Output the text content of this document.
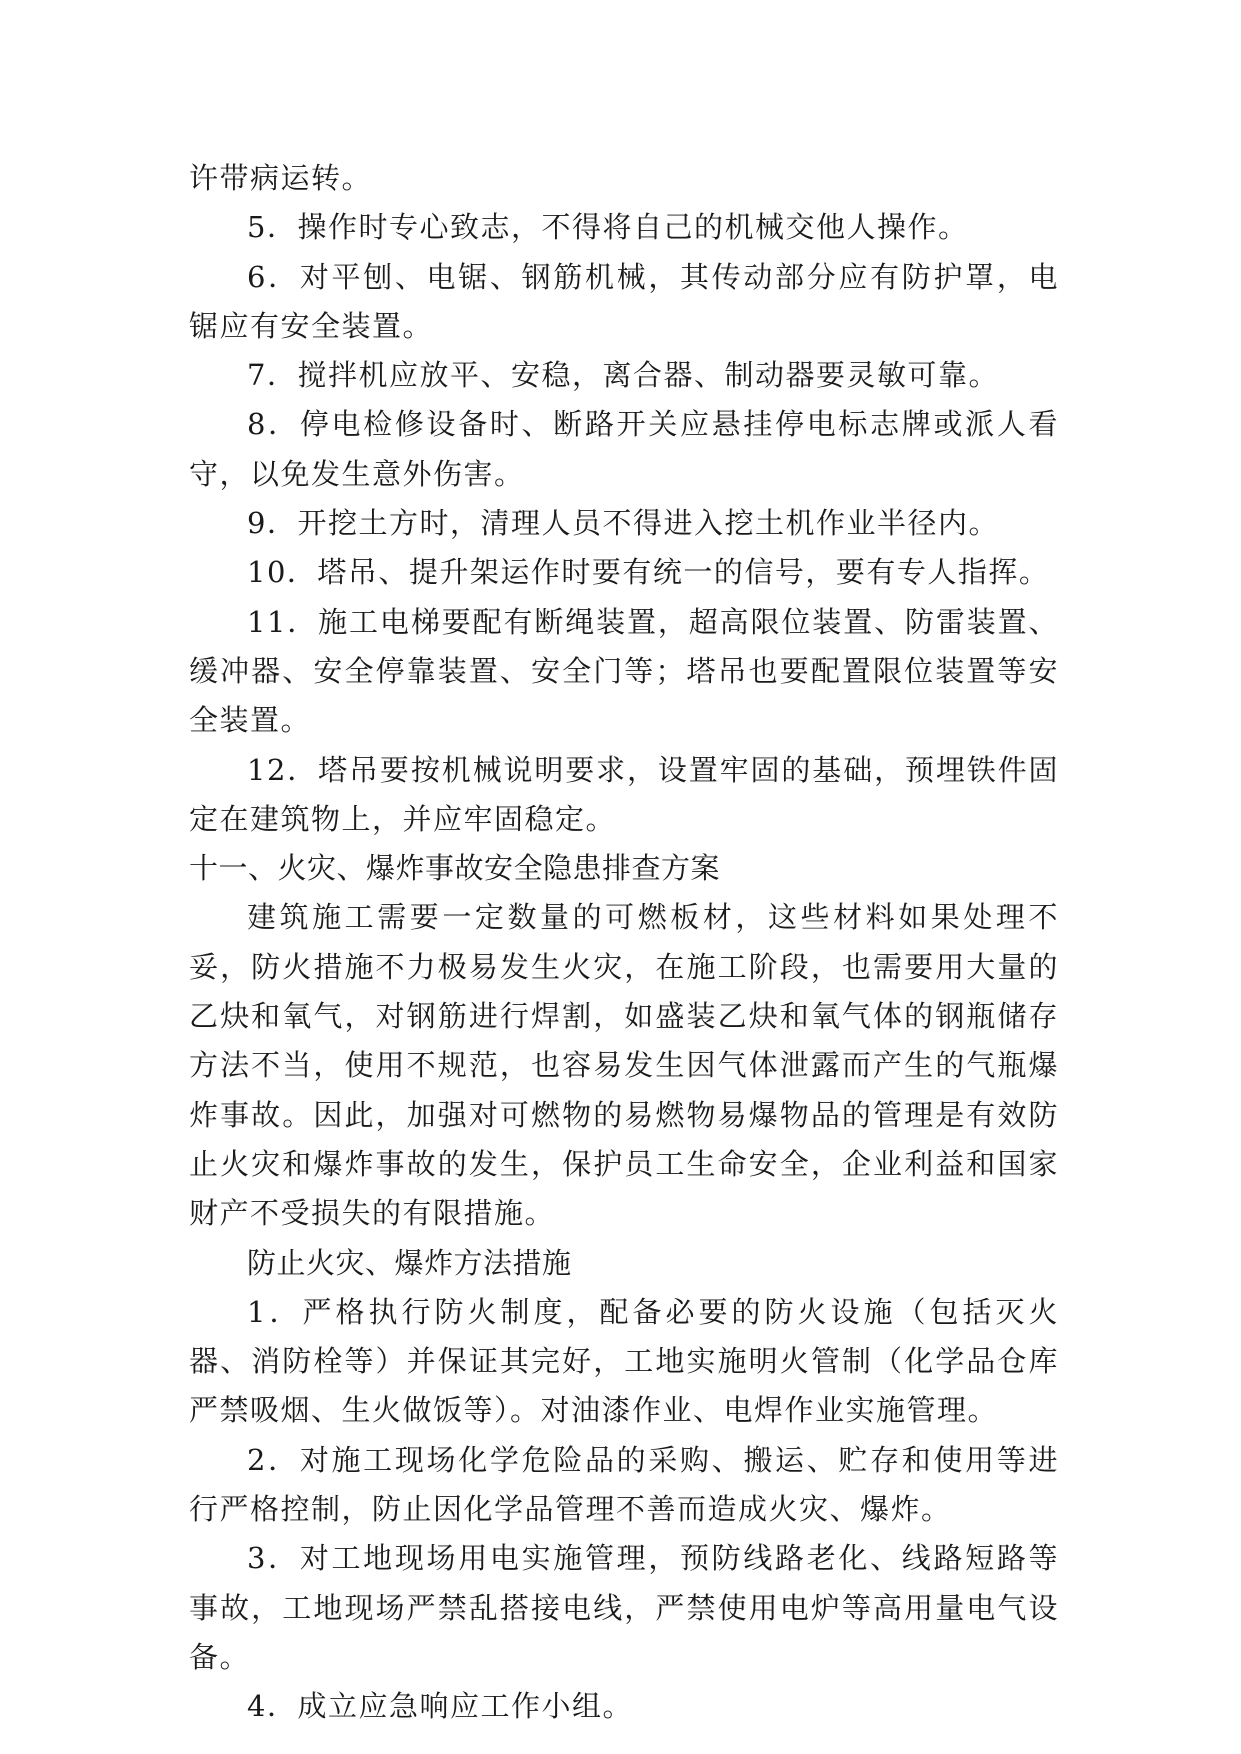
许带病运转。

5．操作时专心致志，不得将自己的机械交他人操作。

6．对平刨、电锯、钢筋机械，其传动部分应有防护罩，电锯应有安全装置。

7．搅拌机应放平、安稳，离合器、制动器要灵敏可靠。

8．停电检修设备时、断路开关应悬挂停电标志牌或派人看守，以免发生意外伤害。

9．开挖土方时，清理人员不得进入挖土机作业半径内。

10．塔吊、提升架运作时要有统一的信号，要有专人指挥。

11．施工电梯要配有断绳装置，超高限位装置、防雷装置、缓冲器、安全停靠装置、安全门等；塔吊也要配置限位装置等安全装置。

12．塔吊要按机械说明要求，设置牢固的基础，预埋铁件固定在建筑物上，并应牢固稳定。

十一、火灾、爆炸事故安全隐患排查方案

建筑施工需要一定数量的可燃板材，这些材料如果处理不妥，防火措施不力极易发生火灾，在施工阶段，也需要用大量的乙炔和氧气，对钢筋进行焊割，如盛装乙炔和氧气体的钢瓶储存方法不当，使用不规范，也容易发生因气体泄露而产生的气瓶爆炸事故。因此，加强对可燃物的易燃物易爆物品的管理是有效防止火灾和爆炸事故的发生，保护员工生命安全，企业利益和国家财产不受损失的有限措施。

防止火灾、爆炸方法措施

1．严格执行防火制度，配备必要的防火设施（包括灭火器、消防栓等）并保证其完好，工地实施明火管制（化学品仓库严禁吸烟、生火做饭等）。对油漆作业、电焊作业实施管理。

2．对施工现场化学危险品的采购、搬运、贮存和使用等进行严格控制，防止因化学品管理不善而造成火灾、爆炸。

3．对工地现场用电实施管理，预防线路老化、线路短路等事故，工地现场严禁乱搭接电线，严禁使用电炉等高用量电气设备。

4．成立应急响应工作小组。
